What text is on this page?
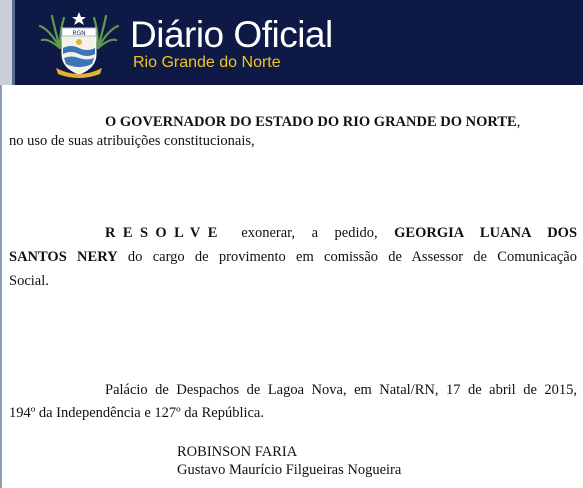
RGN Diário Oficial
Rio Grande do Norte
O GOVERNADOR DO ESTADO DO RIO GRANDE DO NORTE,
no uso de suas atribuições constitucionais,
RESOLVE exonerar, a pedido, GEORGIA LUANA DOS
SANTOS NERY do cargo de provimento em comissão de Assessor de Comunicação
Social.
Palácio de Despachos de Lagoa Nova, em Natal/RN, 17 de abril de 2015,
194º da Independência e 127º da República.
ROBINSON FARIA
Gustavo Maurício Filgueiras Nogueira
